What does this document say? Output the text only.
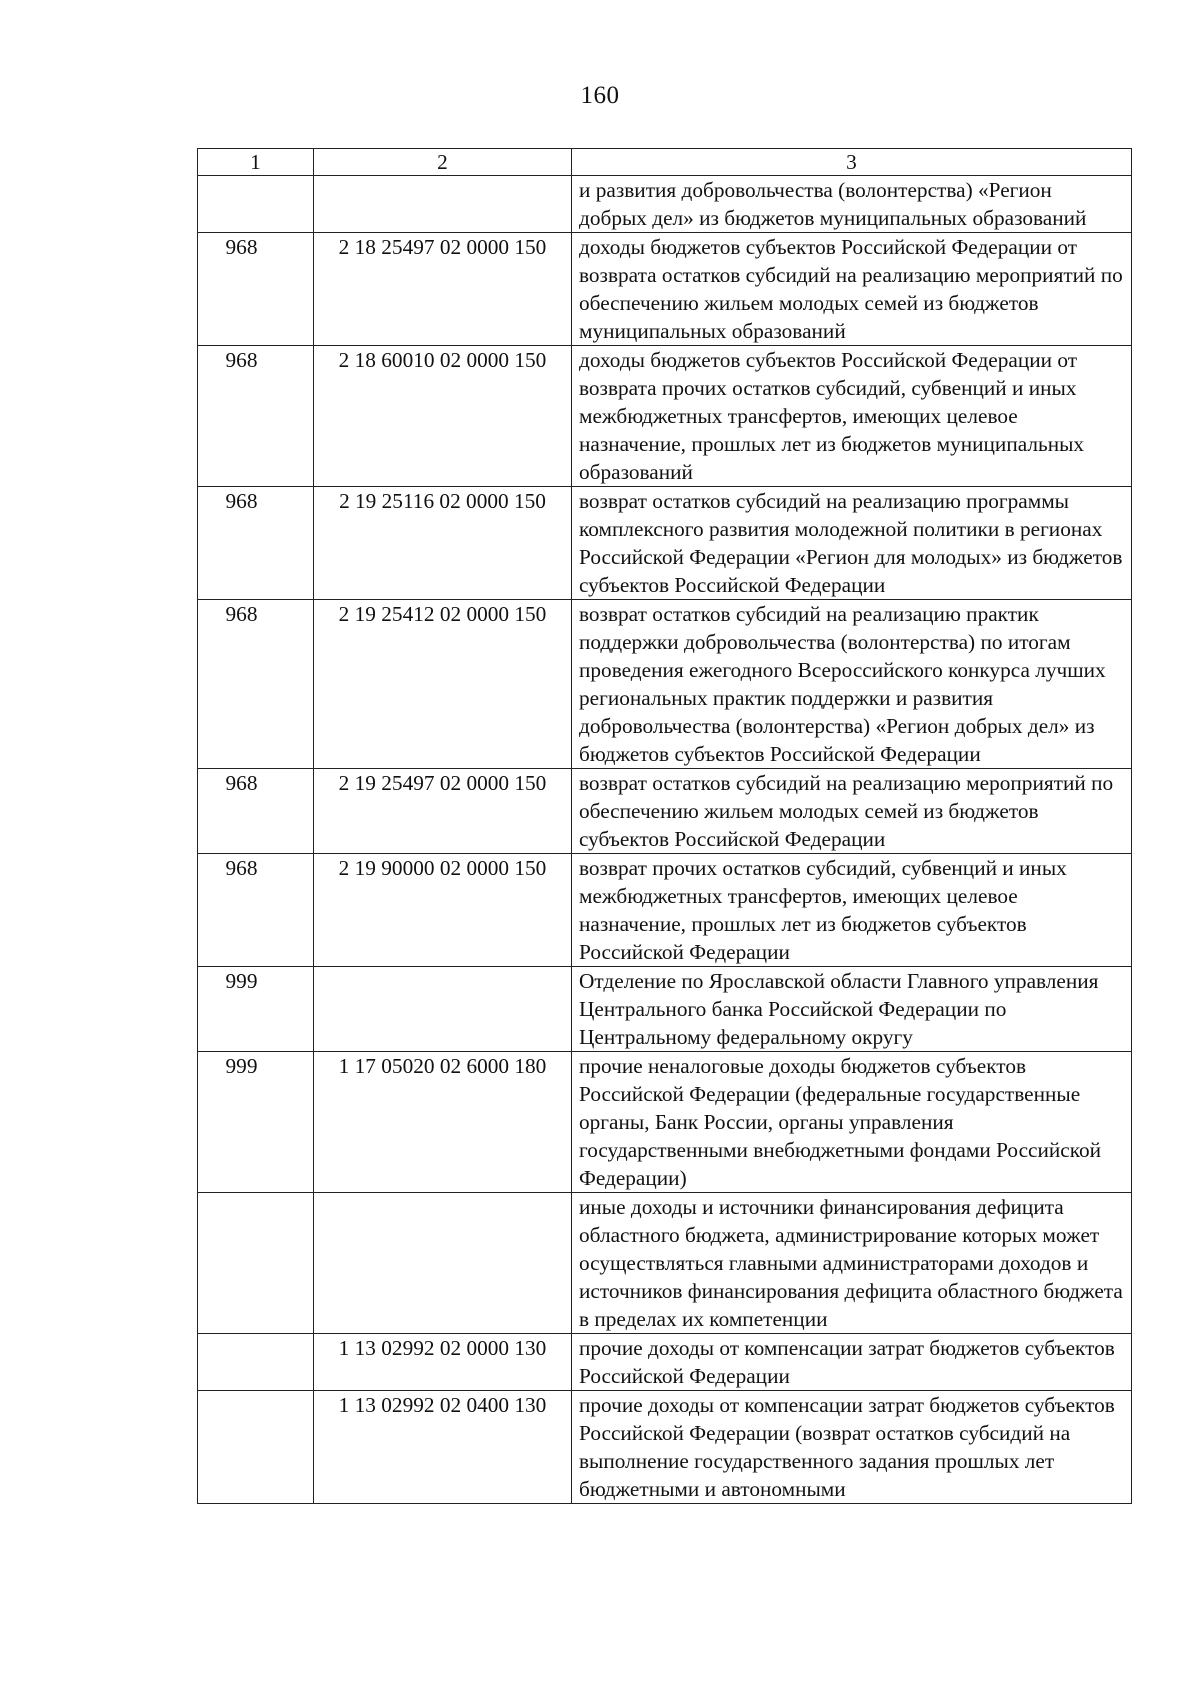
160
1	2	3
		и развития добровольчества (волонтерства) «Регион добрых дел» из бюджетов муниципальных образований
968	2 18 25497 02 0000 150	доходы бюджетов субъектов Российской Федерации от возврата остатков субсидий на реализацию мероприятий по обеспечению жильем молодых семей из бюджетов муниципальных образований
968	2 18 60010 02 0000 150	доходы бюджетов субъектов Российской Федерации от возврата прочих остатков субсидий, субвенций и иных межбюджетных трансфертов, имеющих целевое назначение, прошлых лет из бюджетов муниципальных образований
968	2 19 25116 02 0000 150	возврат остатков субсидий на реализацию программы комплексного развития молодежной политики в регионах Российской Федерации «Регион для молодых» из бюджетов субъектов Российской Федерации
968	2 19 25412 02 0000 150	возврат остатков субсидий на реализацию практик поддержки добровольчества (волонтерства) по итогам проведения ежегодного Всероссийского конкурса лучших региональных практик поддержки и развития добровольчества (волонтерства) «Регион добрых дел» из бюджетов субъектов Российской Федерации
968	2 19 25497 02 0000 150	возврат остатков субсидий на реализацию мероприятий по обеспечению жильем молодых семей из бюджетов субъектов Российской Федерации
968	2 19 90000 02 0000 150	возврат прочих остатков субсидий, субвенций и иных межбюджетных трансфертов, имеющих целевое назначение, прошлых лет из бюджетов субъектов Российской Федерации
999		Отделение по Ярославской области Главного управления Центрального банка Российской Федерации по Центральному федеральному округу
999	1 17 05020 02 6000 180	прочие неналоговые доходы бюджетов субъектов Российской Федерации (федеральные государственные органы, Банк России, органы управления государственными внебюджетными фондами Российской Федерации)
		иные доходы и источники финансирования дефицита областного бюджета, администрирование которых может осуществляться главными администраторами доходов и источников финансирования дефицита областного бюджета в пределах их компетенции
	1 13 02992 02 0000 130	прочие доходы от компенсации затрат бюджетов субъектов Российской Федерации
	1 13 02992 02 0400 130	прочие доходы от компенсации затрат бюджетов субъектов Российской Федерации (возврат остатков субсидий на выполнение государственного задания прошлых лет бюджетными и автономными
